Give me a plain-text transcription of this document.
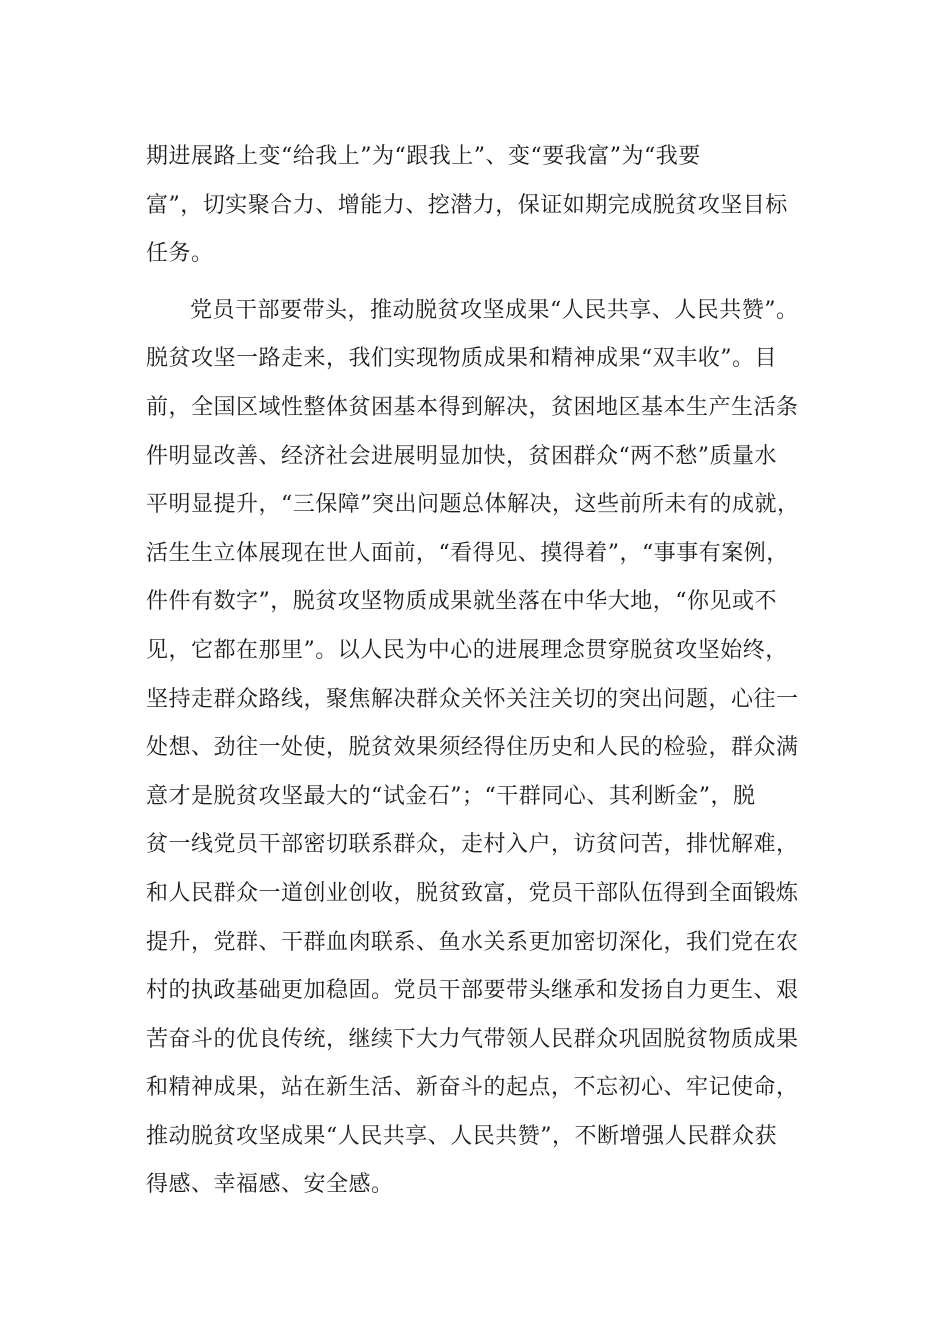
期进展路上变“给我上”为“跟我上”、变“要我富”为“我要
富”，切实聚合力、增能力、挖潜力，保证如期完成脱贫攻坚目标
任务。
党员干部要带头，推动脱贫攻坚成果“人民共享、人民共赞”。
脱贫攻坚一路走来，我们实现物质成果和精神成果“双丰收”。目
前，全国区域性整体贫困基本得到解决，贫困地区基本生产生活条
件明显改善、经济社会进展明显加快，贫困群众“两不愁”质量水
平明显提升，“三保障”突出问题总体解决，这些前所未有的成就，
活生生立体展现在世人面前，“看得见、摸得着”，“事事有案例，
件件有数字”，脱贫攻坚物质成果就坐落在中华大地，“你见或不
见，它都在那里”。以人民为中心的进展理念贯穿脱贫攻坚始终，
坚持走群众路线，聚焦解决群众关怀关注关切的突出问题，心往一
处想、劲往一处使，脱贫效果须经得住历史和人民的检验，群众满
意才是脱贫攻坚最大的“试金石”；“干群同心、其利断金”，脱
贫一线党员干部密切联系群众，走村入户，访贫问苦，排忧解难，
和人民群众一道创业创收，脱贫致富，党员干部队伍得到全面锻炼
提升，党群、干群血肉联系、鱼水关系更加密切深化，我们党在农
村的执政基础更加稳固。党员干部要带头继承和发扬自力更生、艰
苦奋斗的优良传统，继续下大力气带领人民群众巩固脱贫物质成果
和精神成果，站在新生活、新奋斗的起点，不忘初心、牢记使命，
推动脱贫攻坚成果“人民共享、人民共赞”，不断增强人民群众获
得感、幸福感、安全感。
